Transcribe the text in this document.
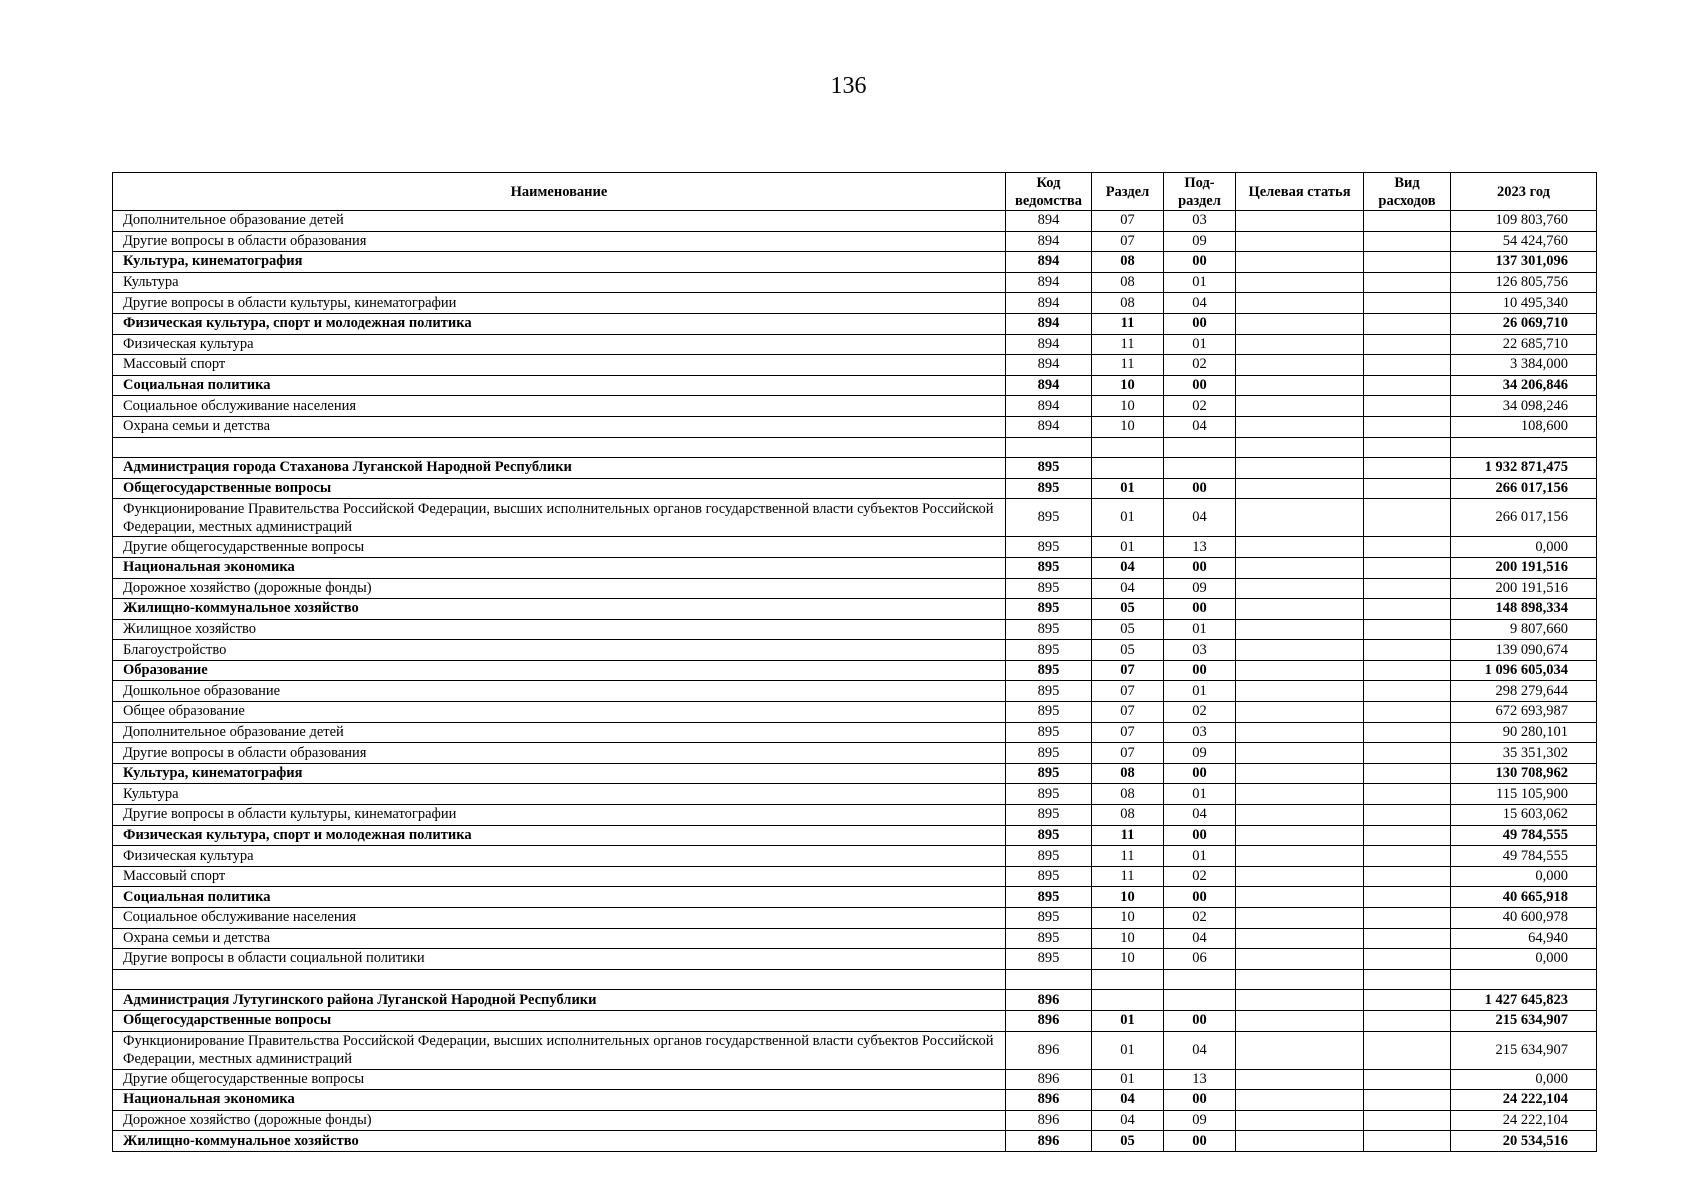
136
Наименование	Код ведомства	Раздел	Под-раздел	Целевая статья	Вид расходов	2023 год
Дополнительное образование детей	894	07	03			109 803,760
Другие вопросы в области образования	894	07	09			54 424,760
Культура, кинематография	894	08	00			137 301,096
Культура	894	08	01			126 805,756
Другие вопросы в области культуры, кинематографии	894	08	04			10 495,340
Физическая культура, спорт и молодежная политика	894	11	00			26 069,710
Физическая культура	894	11	01			22 685,710
Массовый спорт	894	11	02			3 384,000
Социальная политика	894	10	00			34 206,846
Социальное обслуживание населения	894	10	02			34 098,246
Охрана семьи и детства	894	10	04			108,600

Администрация города Стаханова Луганской Народной Республики	895					1 932 871,475
Общегосударственные вопросы	895	01	00			266 017,156
Функционирование Правительства Российской Федерации, высших исполнительных органов государственной власти субъектов Российской Федерации, местных администраций	895	01	04			266 017,156
Другие общегосударственные вопросы	895	01	13			0,000
Национальная экономика	895	04	00			200 191,516
Дорожное хозяйство (дорожные фонды)	895	04	09			200 191,516
Жилищно-коммунальное хозяйство	895	05	00			148 898,334
Жилищное хозяйство	895	05	01			9 807,660
Благоустройство	895	05	03			139 090,674
Образование	895	07	00			1 096 605,034
Дошкольное образование	895	07	01			298 279,644
Общее образование	895	07	02			672 693,987
Дополнительное образование детей	895	07	03			90 280,101
Другие вопросы в области образования	895	07	09			35 351,302
Культура, кинематография	895	08	00			130 708,962
Культура	895	08	01			115 105,900
Другие вопросы в области культуры, кинематографии	895	08	04			15 603,062
Физическая культура, спорт и молодежная политика	895	11	00			49 784,555
Физическая культура	895	11	01			49 784,555
Массовый спорт	895	11	02			0,000
Социальная политика	895	10	00			40 665,918
Социальное обслуживание населения	895	10	02			40 600,978
Охрана семьи и детства	895	10	04			64,940
Другие вопросы в области социальной политики	895	10	06			0,000

Администрация Лутугинского района Луганской Народной Республики	896					1 427 645,823
Общегосударственные вопросы	896	01	00			215 634,907
Функционирование Правительства Российской Федерации, высших исполнительных органов государственной власти субъектов Российской Федерации, местных администраций	896	01	04			215 634,907
Другие общегосударственные вопросы	896	01	13			0,000
Национальная экономика	896	04	00			24 222,104
Дорожное хозяйство (дорожные фонды)	896	04	09			24 222,104
Жилищно-коммунальное хозяйство	896	05	00			20 534,516
